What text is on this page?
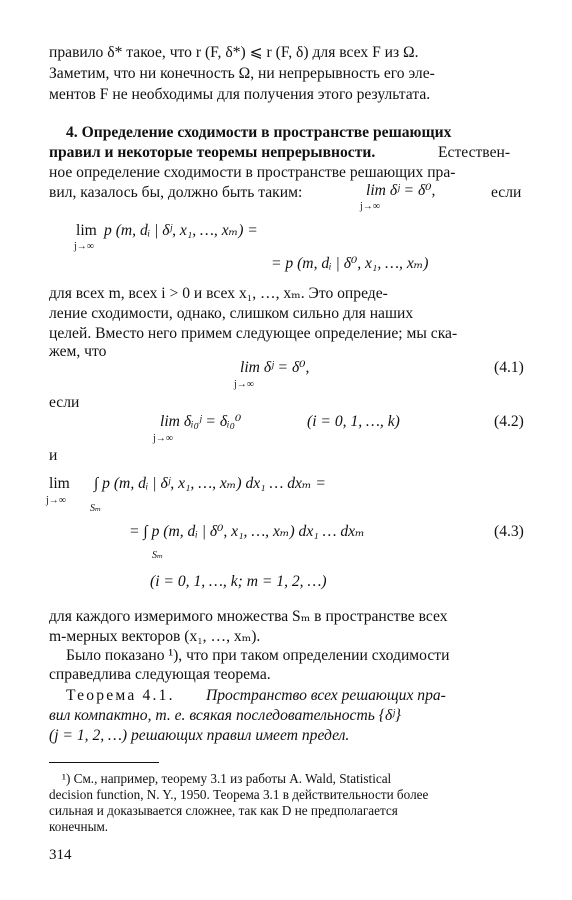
правило δ* такое, что r (F, δ*) ⩽ r (F, δ) для всех F из Ω.
Заметим, что ни конечность Ω, ни непрерывность его эле-
ментов F не необходимы для получения этого результата.
4. Определение сходимости в пространстве решающих
правил и некоторые теоремы непрерывности.	Естествен-
ное определение сходимости в пространстве решающих пра-
вил, казалось бы, должно быть таким:	lim δʲ = δ⁰,
j→∞
если
lim
j→∞
p (m, dᵢ | δʲ, x₁, …, xₘ) =
= p (m, dᵢ | δ⁰, x₁, …, xₘ)
для всех m, всех i > 0 и всех x₁, …, xₘ. Это опреде-
ление сходимости, однако, слишком сильно для наших
целей. Вместо него примем следующее определение; мы ска-
жем, что
lim δʲ = δ⁰,
j→∞
(4.1)
если
lim δᵢ₀ʲ = δᵢ₀⁰
j→∞
(i = 0, 1, …, k)	(4.2)
и
lim
j→∞
∫ p (m, dᵢ | δʲ, x₁, …, xₘ) dx₁ … dxₘ =
Sₘ
= ∫ p (m, dᵢ | δ⁰, x₁, …, xₘ) dx₁ … dxₘ
Sₘ
(4.3)
(i = 0, 1, …, k; m = 1, 2, …)
для каждого измеримого множества Sₘ в пространстве всех
m-мерных векторов (x₁, …, xₘ).
Было показано ¹), что при таком определении сходимости
справедлива следующая теорема.
Теорема 4.1. Пространство всех решающих пра-
вил компактно, т. е. всякая последовательность {δʲ}
(j = 1, 2, …) решающих правил имеет предел.
¹) См., например, теорему 3.1 из работы A. Wald, Statistical
decision function, N. Y., 1950. Теорема 3.1 в действительности более
сильная и доказывается сложнее, так как D не предполагается
конечным.
314
